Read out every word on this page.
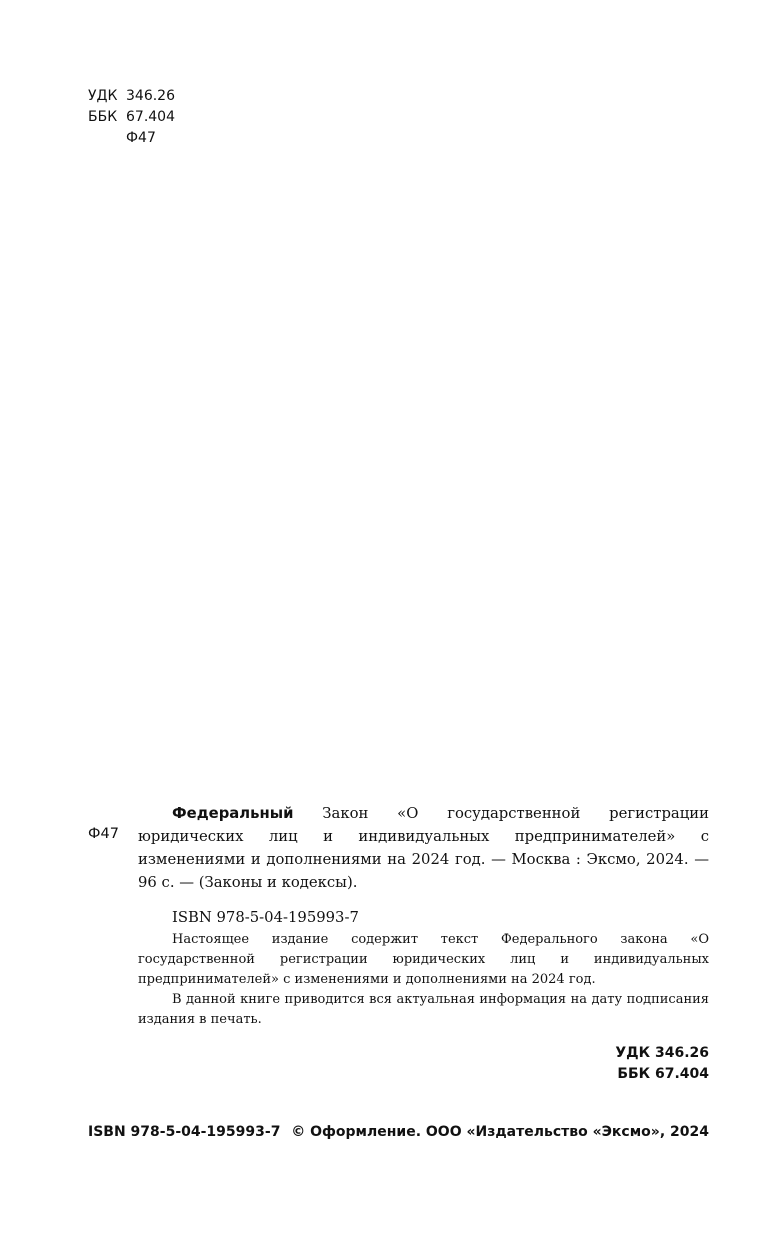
УДК 346.26
ББК 67.404
Ф47
Ф47
Федеральный Закон «О государственной регистрации юридических лиц и индивидуальных предпринимателей» с изменениями и дополнениями на 2024 год. — Москва : Эксмо, 2024. — 96 с. — (Законы и кодексы).
ISBN 978-5-04-195993-7

Настоящее издание содержит текст Федерального закона «О государственной регистрации юридических лиц и индивидуальных предпринимателей» с изменениями и дополнениями на 2024 год.

В данной книге приводится вся актуальная информация на дату подписания издания в печать.

УДК 346.26
ББК 67.404
ISBN 978-5-04-195993-7 © Оформление. ООО «Издательство «Эксмо», 2024
